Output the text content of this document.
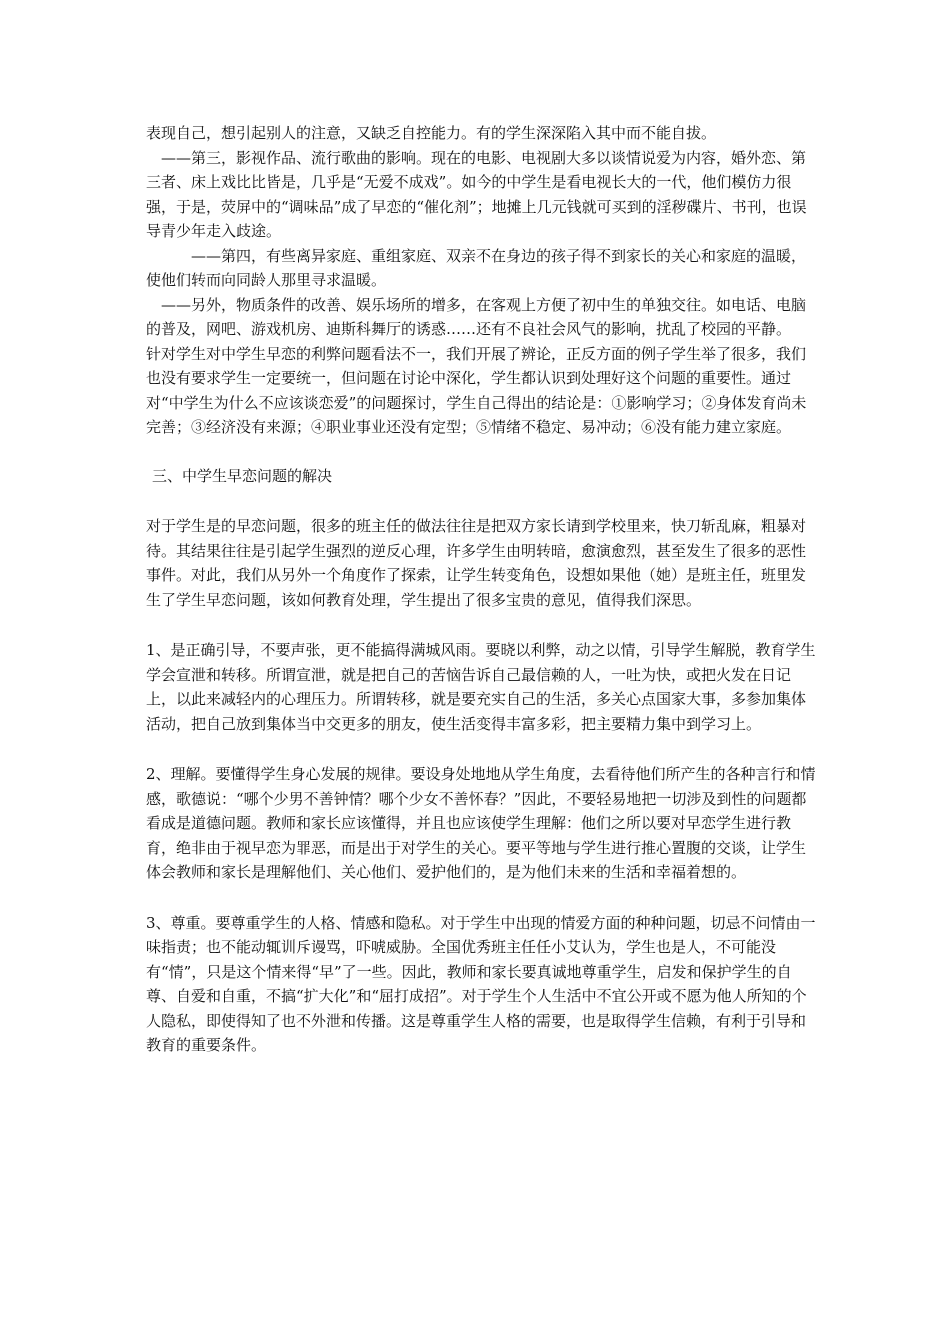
表现自己，想引起别人的注意，又缺乏自控能力。有的学生深深陷入其中而不能自拔。

——第三，影视作品、流行歌曲的影响。现在的电影、电视剧大多以谈情说爱为内容，婚外恋、第三者、床上戏比比皆是，几乎是“无爱不成戏”。如今的中学生是看电视长大的一代，他们模仿力很强，于是，荧屏中的“调味品”成了早恋的“催化剂”；地摊上几元钱就可买到的淫秽碟片、书刊，也误导青少年走入歧途。

——第四，有些离异家庭、重组家庭、双亲不在身边的孩子得不到家长的关心和家庭的温暖，使他们转而向同龄人那里寻求温暖。

——另外，物质条件的改善、娱乐场所的增多，在客观上方便了初中生的单独交往。如电话、电脑的普及，网吧、游戏机房、迪斯科舞厅的诱惑……还有不良社会风气的影响，扰乱了校园的平静。

针对学生对中学生早恋的利弊问题看法不一，我们开展了辨论，正反方面的例子学生举了很多，我们也没有要求学生一定要统一，但问题在讨论中深化，学生都认识到处理好这个问题的重要性。通过对“中学生为什么不应该谈恋爱”的问题探讨，学生自己得出的结论是：①影响学习；②身体发育尚未完善；③经济没有来源；④职业事业还没有定型；⑤情绪不稳定、易冲动；⑥没有能力建立家庭。

三、中学生早恋问题的解决

对于学生是的早恋问题，很多的班主任的做法往往是把双方家长请到学校里来，快刀斩乱麻，粗暴对待。其结果往往是引起学生强烈的逆反心理，许多学生由明转暗，愈演愈烈，甚至发生了很多的恶性事件。对此，我们从另外一个角度作了探索，让学生转变角色，设想如果他（她）是班主任，班里发生了学生早恋问题，该如何教育处理，学生提出了很多宝贵的意见，值得我们深思。

1、是正确引导，不要声张，更不能搞得满城风雨。要晓以利弊，动之以情，引导学生解脱，教育学生学会宣泄和转移。所谓宣泄，就是把自己的苦恼告诉自己最信赖的人，一吐为快，或把火发在日记上，以此来减轻内的心理压力。所谓转移，就是要充实自己的生活，多关心点国家大事，多参加集体活动，把自己放到集体当中交更多的朋友，使生活变得丰富多彩，把主要精力集中到学习上。

2、理解。要懂得学生身心发展的规律。要设身处地地从学生角度，去看待他们所产生的各种言行和情感，歌德说：“哪个少男不善钟情？哪个少女不善怀春？”因此，不要轻易地把一切涉及到性的问题都看成是道德问题。教师和家长应该懂得，并且也应该使学生理解：他们之所以要对早恋学生进行教育，绝非由于视早恋为罪恶，而是出于对学生的关心。要平等地与学生进行推心置腹的交谈，让学生体会教师和家长是理解他们、关心他们、爱护他们的，是为他们未来的生活和幸福着想的。

3、尊重。要尊重学生的人格、情感和隐私。对于学生中出现的情爱方面的种种问题，切忌不问情由一味指责；也不能动辄训斥谩骂，吓唬威胁。全国优秀班主任任小艾认为，学生也是人，不可能没有“情”，只是这个情来得“早”了一些。因此，教师和家长要真诚地尊重学生，启发和保护学生的自尊、自爱和自重，不搞“扩大化”和“屈打成招”。对于学生个人生活中不宜公开或不愿为他人所知的个人隐私，即使得知了也不外泄和传播。这是尊重学生人格的需要，也是取得学生信赖，有利于引导和教育的重要条件。
